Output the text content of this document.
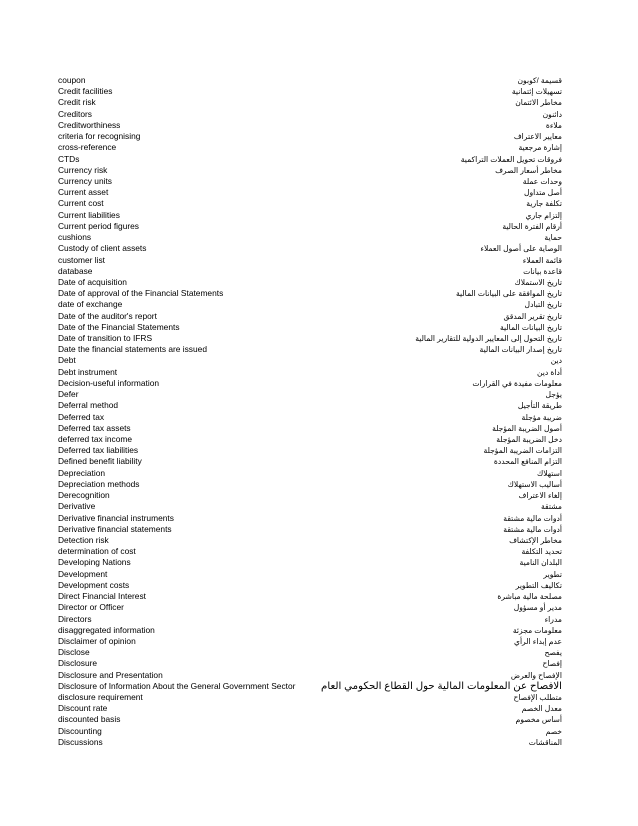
coupon	قسيمة /كوبون
Credit facilities	تسهيلات إئتمانية
Credit risk	مخاطر الائتمان
Creditors	دائنون
Creditworthiness	ملاءة
criteria for recognising	معايير الاعتراف
cross-reference	إشارة مرجعية
CTDs	فروقات تحويل العملات التراكمية
Currency risk	مخاطر أسعار الصرف
Currency units	وحدات عملة
Current asset	أصل متداول
Current cost	تكلفة جارية
Current liabilities	إلتزام جاري
Current period figures	أرقام الفترة الحالية
cushions	حماية
Custody of client assets	الوصاية على أصول العملاء
customer list	قائمة العملاء
database	قاعدة بيانات
Date of acquisition	تاريخ الاستملاك
Date of approval of the Financial Statements	تاريخ الموافقة على البيانات المالية
date of exchange	تاريخ التبادل
Date of the auditor's report	تاريخ تقرير المدقق
Date of the Financial Statements	تاريخ البيانات المالية
Date of transition to IFRS	تاريخ التحول إلى المعايير الدولية للتقارير المالية
Date the financial statements are issued	تاريخ إصدار البيانات المالية
Debt	دين
Debt instrument	أداة دين
Decision-useful information	معلومات مفيدة في القرارات
Defer	يؤجل
Deferral method	طريقة التأجيل
Deferred tax	ضريبة مؤجلة
Deferred tax assets	أصول الضريبة المؤجلة
deferred tax income	دخل الضريبة المؤجلة
Deferred tax liabilities	التزامات الضريبة المؤجلة
Defined benefit liability	التزام المنافع المحددة
Depreciation	استهلاك
Depreciation methods	أساليب الاستهلاك
Derecognition	إلغاء الاعتراف
Derivative	مشتقة
Derivative financial instruments	أدوات مالية مشتقة
Derivative financial statements	أدوات مالية مشتقة
Detection risk	مخاطر الإكتشاف
determination of cost	تحديد التكلفة
Developing Nations	البلدان النامية
Development	تطوير
Development costs	تكاليف التطوير
Direct Financial Interest	مصلحة مالية مباشرة
Director or Officer	مدير أو مسؤول
Directors	مدراء
disaggregated information	معلومات مجزئة
Disclaimer of opinion	عدم إبداء الرأي
Disclose	يفصح
Disclosure	إفصاح
Disclosure and Presentation	الإفصاح والعرض
Disclosure of Information About the General Government Sector	الافصاح عن المعلومات المالية حول القطاع الحكومي العام
disclosure requirement	متطلب الإفصاح
Discount rate	معدل الخصم
discounted basis	أساس مخصوم
Discounting	خصم
Discussions	المناقشات
